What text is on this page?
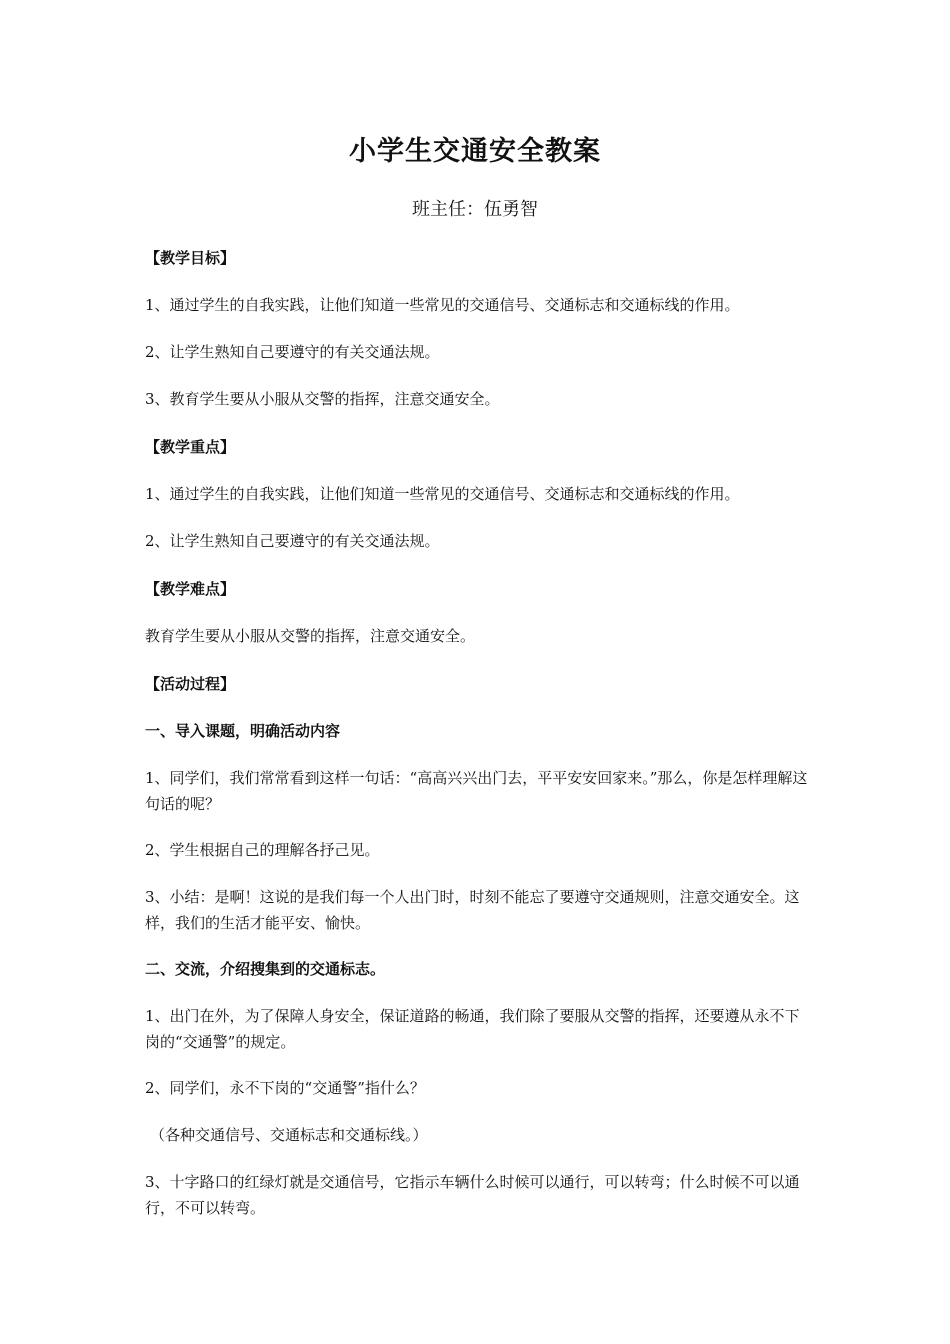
小学生交通安全教案
班主任：伍勇智

【教学目标】

1、通过学生的自我实践，让他们知道一些常见的交通信号、交通标志和交通标线的作用。

2、让学生熟知自己要遵守的有关交通法规。

3、教育学生要从小服从交警的指挥，注意交通安全。

【教学重点】

1、通过学生的自我实践，让他们知道一些常见的交通信号、交通标志和交通标线的作用。

2、让学生熟知自己要遵守的有关交通法规。

【教学难点】

教育学生要从小服从交警的指挥，注意交通安全。

【活动过程】

一、导入课题，明确活动内容

1、同学们，我们常常看到这样一句话：“高高兴兴出门去，平平安安回家来。”那么，你是怎样理解这句话的呢？

2、学生根据自己的理解各抒己见。

3、小结：是啊！这说的是我们每一个人出门时，时刻不能忘了要遵守交通规则，注意交通安全。这样，我们的生活才能平安、愉快。

二、交流，介绍搜集到的交通标志。

1、出门在外，为了保障人身安全，保证道路的畅通，我们除了要服从交警的指挥，还要遵从永不下岗的“交通警”的规定。

2、同学们，永不下岗的“交通警”指什么？

（各种交通信号、交通标志和交通标线。）

3、十字路口的红绿灯就是交通信号，它指示车辆什么时候可以通行，可以转弯；什么时候不可以通行，不可以转弯。
